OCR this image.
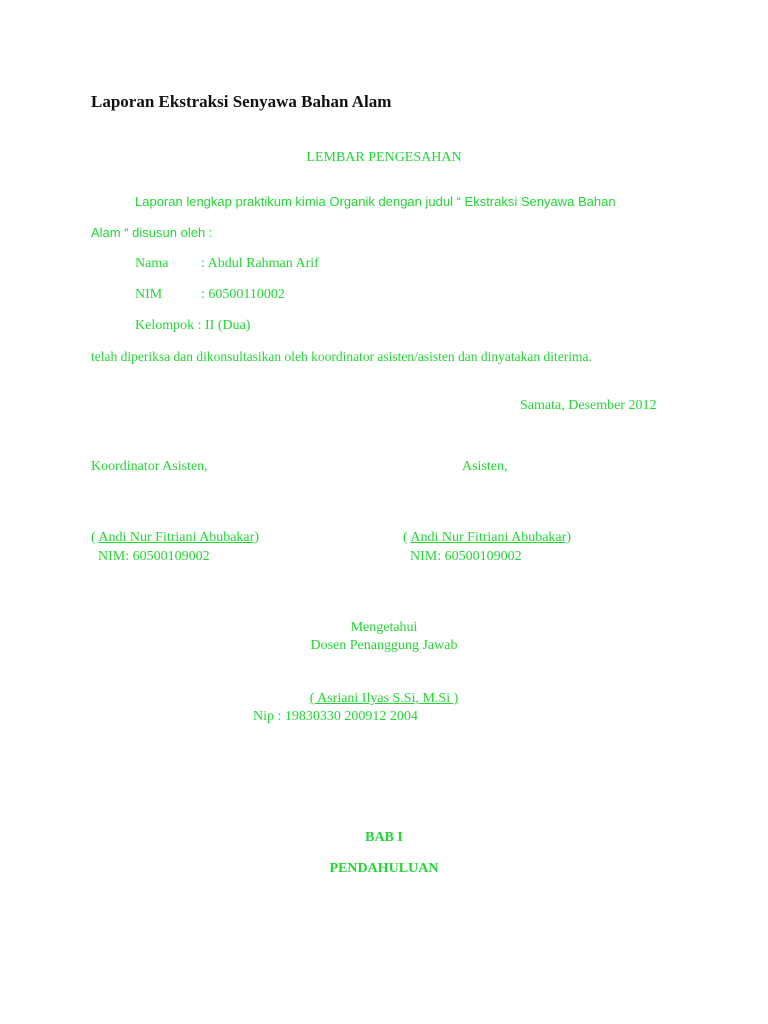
Laporan Ekstraksi Senyawa Bahan Alam
LEMBAR PENGESAHAN
Laporan lengkap praktikum kimia Organik dengan judul “ Ekstraksi Senyawa Bahan
Alam “ disusun oleh :
Nama : Abdul Rahman Arif
NIM	: 60500110002
Kelompok : II (Dua)
telah diperiksa dan dikonsultasikan oleh koordinator asisten/asisten dan dinyatakan diterima.
Samata, Desember 2012
Koordinator Asisten,	Asisten,
( Andi Nur Fitriani Abubakar)
NIM: 60500109002
( Andi Nur Fitriani Abubakar)
NIM: 60500109002
Mengetahui
Dosen Penanggung Jawab
( Asriani Ilyas S.Si, M.Si )
Nip : 19830330 200912 2004
BAB I
PENDAHULUAN
